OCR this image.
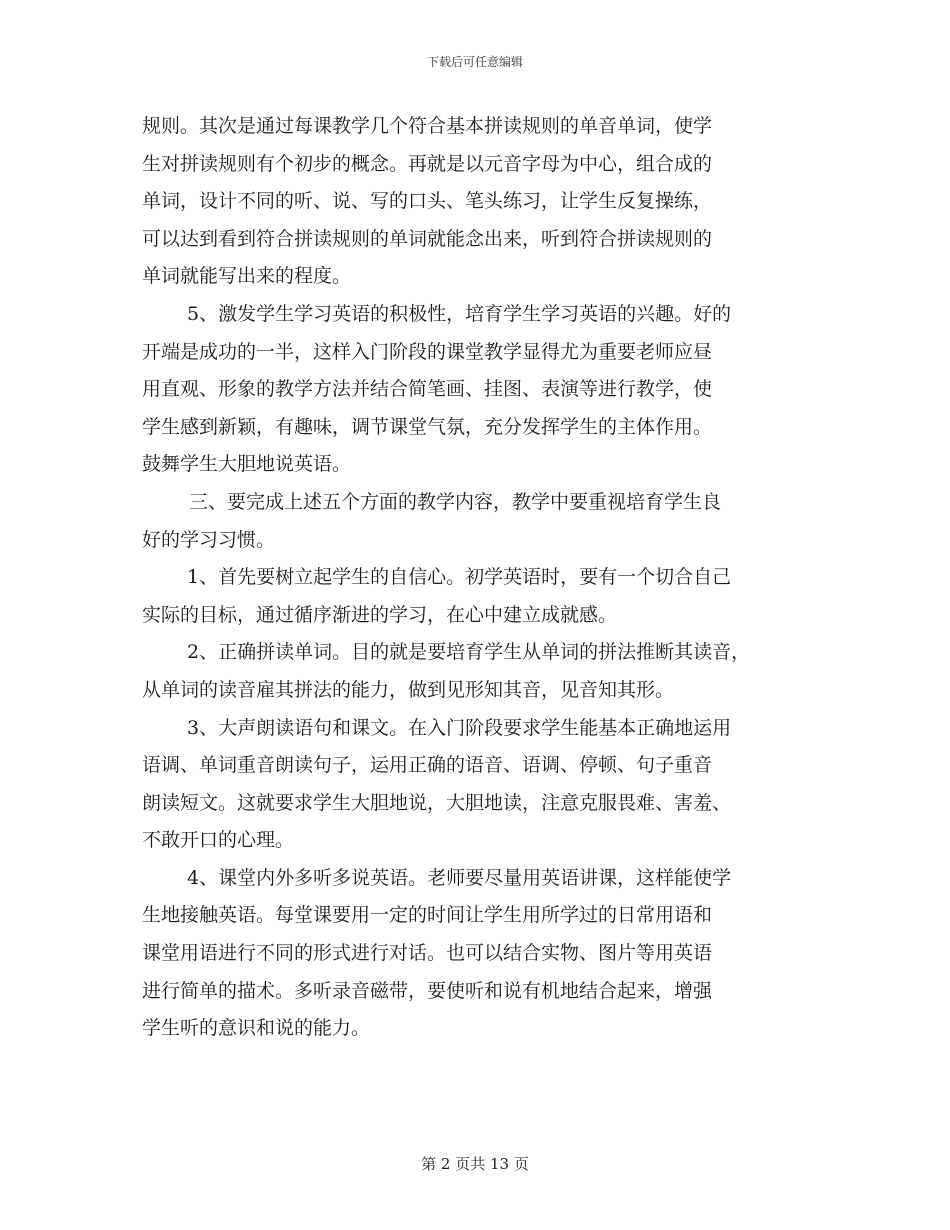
下载后可任意编辑
规则。其次是通过每课教学几个符合基本拼读规则的单音单词，使学
生对拼读规则有个初步的概念。再就是以元音字母为中心，组合成的
单词，设计不同的听、说、写的口头、笔头练习，让学生反复操练，
可以达到看到符合拼读规则的单词就能念出来，听到符合拼读规则的
单词就能写出来的程度。
5、激发学生学习英语的积极性，培育学生学习英语的兴趣。好的
开端是成功的一半，这样入门阶段的课堂教学显得尤为重要老师应昼
用直观、形象的教学方法并结合简笔画、挂图、表演等进行教学，使
学生感到新颖，有趣味，调节课堂气氛，充分发挥学生的主体作用。
鼓舞学生大胆地说英语。
三、要完成上述五个方面的教学内容，教学中要重视培育学生良
好的学习习惯。
1、首先要树立起学生的自信心。初学英语时，要有一个切合自己
实际的目标，通过循序渐进的学习，在心中建立成就感。
2、正确拼读单词。目的就是要培育学生从单词的拼法推断其读音，
从单词的读音雇其拼法的能力，做到见形知其音，见音知其形。
3、大声朗读语句和课文。在入门阶段要求学生能基本正确地运用
语调、单词重音朗读句子，运用正确的语音、语调、停顿、句子重音
朗读短文。这就要求学生大胆地说，大胆地读，注意克服畏难、害羞、
不敢开口的心理。
4、课堂内外多听多说英语。老师要尽量用英语讲课，这样能使学
生地接触英语。每堂课要用一定的时间让学生用所学过的日常用语和
课堂用语进行不同的形式进行对话。也可以结合实物、图片等用英语
进行简单的描术。多听录音磁带，要使听和说有机地结合起来，增强
学生听的意识和说的能力。
第 2 页共 13 页
